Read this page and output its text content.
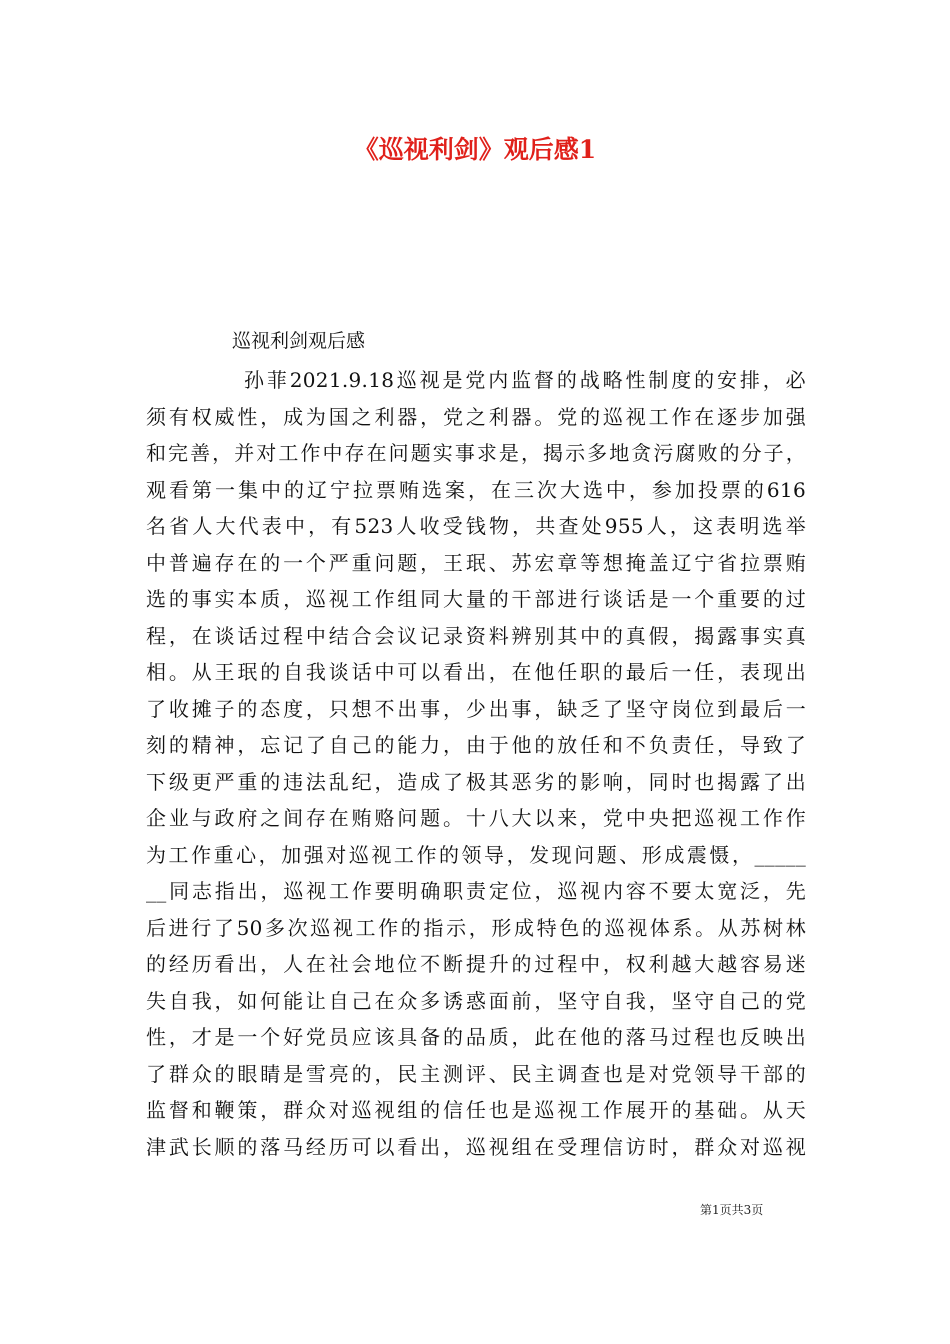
《巡视利剑》观后感1
巡视利剑观后感
孙菲2021.9.18巡视是党内监督的战略性制度的安排，必
须有权威性，成为国之利器，党之利器。党的巡视工作在逐步加强
和完善，并对工作中存在问题实事求是，揭示多地贪污腐败的分子，
观看第一集中的辽宁拉票贿选案，在三次大选中，参加投票的616
名省人大代表中，有523人收受钱物，共查处955人，这表明选举
中普遍存在的一个严重问题，王珉、苏宏章等想掩盖辽宁省拉票贿
选的事实本质，巡视工作组同大量的干部进行谈话是一个重要的过
程，在谈话过程中结合会议记录资料辨别其中的真假，揭露事实真
相。从王珉的自我谈话中可以看出，在他任职的最后一任，表现出
了收摊子的态度，只想不出事，少出事，缺乏了坚守岗位到最后一
刻的精神，忘记了自己的能力，由于他的放任和不负责任，导致了
下级更严重的违法乱纪，造成了极其恶劣的影响，同时也揭露了出
企业与政府之间存在贿赂问题。十八大以来，党中央把巡视工作作
为工作重心，加强对巡视工作的领导，发现问题、形成震慑，_____
__同志指出，巡视工作要明确职责定位，巡视内容不要太宽泛，先
后进行了50多次巡视工作的指示，形成特色的巡视体系。从苏树林
的经历看出，人在社会地位不断提升的过程中，权利越大越容易迷
失自我，如何能让自己在众多诱惑面前，坚守自我，坚守自己的党
性，才是一个好党员应该具备的品质，此在他的落马过程也反映出
了群众的眼睛是雪亮的，民主测评、民主调查也是对党领导干部的
监督和鞭策，群众对巡视组的信任也是巡视工作展开的基础。从天
津武长顺的落马经历可以看出，巡视组在受理信访时，群众对巡视
第1页共3页
